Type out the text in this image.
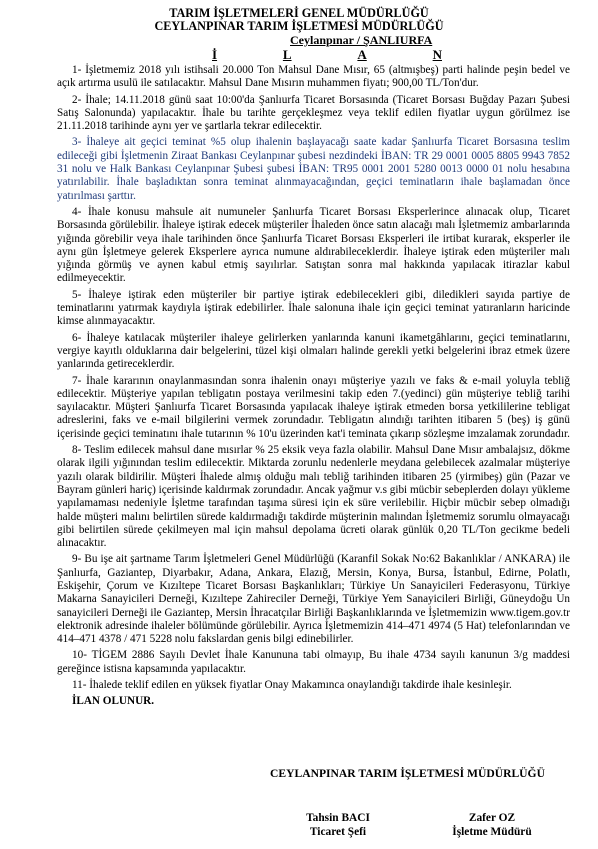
TARIM İŞLETMELERİ GENEL MÜDÜRLÜĞÜ
CEYLANPINAR TARIM İŞLETMESİ MÜDÜRLÜĞÜ
Ceylanpınar / ŞANLIURFA
İ	L	A	N

1- İşletmemiz 2018 yılı istihsali 20.000 Ton Mahsul Dane Mısır, 65 (altmışbeş) parti halinde peşin bedel ve açık artırma usulü ile satılacaktır. Mahsul Dane Mısırın muhammen fiyatı; 900,00 TL/Ton'dur.

2- İhale; 14.11.2018 günü saat 10:00'da Şanlıurfa Ticaret Borsasında (Ticaret Borsası Buğday Pazarı Şubesi Satış Salonunda) yapılacaktır. İhale bu tarihte gerçekleşmez veya teklif edilen fiyatlar uygun görülmez ise 21.11.2018 tarihinde aynı yer ve şartlarla tekrar edilecektir.

3- İhaleye ait geçici teminat %5 olup ihalenin başlayacağı saate kadar Şanlıurfa Ticaret Borsasına teslim edileceği gibi İşletmenin Ziraat Bankası Ceylanpınar şubesi nezdindeki İBAN: TR 29 0001 0005 8805 9943 7852 31 nolu ve Halk Bankası Ceylanpınar Şubesi şubesi İBAN: TR95 0001 2001 5280 0013 0000 01 nolu hesabına yatırılabilir. İhale başladıktan sonra teminat alınmayacağından, geçici teminatların ihale başlamadan önce yatırılması şarttır.

4- İhale konusu mahsule ait numuneler Şanlıurfa Ticaret Borsası Eksperlerince alınacak olup, Ticaret Borsasında görülebilir. İhaleye iştirak edecek müşteriler İhaleden önce satın alacağı malı İşletmemiz ambarlarında yığında görebilir veya ihale tarihinden önce Şanlıurfa Ticaret Borsası Eksperleri ile irtibat kurarak, eksperler ile aynı gün İşletmeye gelerek Eksperlere ayrıca numune aldırabileceklerdir. İhaleye iştirak eden müşteriler malı yığında görmüş ve aynen kabul etmiş sayılırlar. Satıştan sonra mal hakkında yapılacak itirazlar kabul edilmeyecektir.

5- İhaleye iştirak eden müşteriler bir partiye iştirak edebilecekleri gibi, diledikleri sayıda partiye de teminatlarını yatırmak kaydıyla iştirak edebilirler. İhale salonuna ihale için geçici teminat yatıranların haricinde kimse alınmayacaktır.

6- İhaleye katılacak müşteriler ihaleye gelirlerken yanlarında kanuni ikametgâhlarını, geçici teminatlarını, vergiye kayıtlı olduklarına dair belgelerini, tüzel kişi olmaları halinde gerekli yetki belgelerini ibraz etmek üzere yanlarında getireceklerdir.

7- İhale kararının onaylanmasından sonra ihalenin onayı müşteriye yazılı ve faks & e-mail yoluyla tebliğ edilecektir. Müşteriye yapılan tebligatın postaya verilmesini takip eden 7.(yedinci) gün müşteriye tebliğ tarihi sayılacaktır. Müşteri Şanlıurfa Ticaret Borsasında yapılacak ihaleye iştirak etmeden borsa yetkililerine tebligat adreslerini, faks ve e-mail bilgilerini vermek zorundadır. Tebligatın alındığı tarihten itibaren 5 (beş) iş günü içerisinde geçici teminatını ihale tutarının % 10'u üzerinden kat'i teminata çıkarıp sözleşme imzalamak zorundadır.

8- Teslim edilecek mahsul dane mısırlar % 25 eksik veya fazla olabilir. Mahsul Dane Mısır ambalajsız, dökme olarak ilgili yığınından teslim edilecektir. Miktarda zorunlu nedenlerle meydana gelebilecek azalmalar müşteriye yazılı olarak bildirilir. Müşteri İhalede almış olduğu malı tebliğ tarihinden itibaren 25 (yirmibeş) gün (Pazar ve Bayram günleri hariç) içerisinde kaldırmak zorundadır. Ancak yağmur v.s gibi mücbir sebeplerden dolayı yükleme yapılamaması nedeniyle İşletme tarafından taşıma süresi için ek süre verilebilir. Hiçbir mücbir sebep olmadığı halde müşteri malını belirtilen sürede kaldırmadığı takdirde müşterinin malından İşletmemiz sorumlu olmayacağı gibi belirtilen sürede çekilmeyen mal için mahsul depolama ücreti olarak günlük 0,20 TL/Ton gecikme bedeli alınacaktır.

9- Bu işe ait şartname Tarım İşletmeleri Genel Müdürlüğü (Karanfil Sokak No:62 Bakanlıklar / ANKARA) ile Şanlıurfa, Gaziantep, Diyarbakır, Adana, Ankara, Elazığ, Mersin, Konya, Bursa, İstanbul, Edirne, Polatlı, Eskişehir, Çorum ve Kızıltepe Ticaret Borsası Başkanlıkları; Türkiye Un Sanayicileri Federasyonu, Türkiye Makarna Sanayicileri Derneği, Kızıltepe Zahireciler Derneği, Türkiye Yem Sanayicileri Birliği, Güneydoğu Un sanayicileri Derneği ile Gaziantep, Mersin İhracatçılar Birliği Başkanlıklarında ve İşletmemizin www.tigem.gov.tr elektronik adresinde ihaleler bölümünde görülebilir. Ayrıca İşletmemizin 414–471 4974 (5 Hat) telefonlarından ve 414–471 4378 / 471 5228 nolu fakslardan genis bilgi edinebilirler.

10- TİGEM 2886 Sayılı Devlet İhale Kanununa tabi olmayıp, Bu ihale 4734 sayılı kanunun 3/g maddesi gereğince istisna kapsamında yapılacaktır.

11- İhalede teklif edilen en yüksek fiyatlar Onay Makamınca onaylandığı takdirde ihale kesinleşir.

İLAN OLUNUR.

CEYLANPINAR TARIM İŞLETMESİ MÜDÜRLÜĞÜ
Tahsin BACI
Ticaret Şefi
Zafer OZ
İşletme Müdürü
